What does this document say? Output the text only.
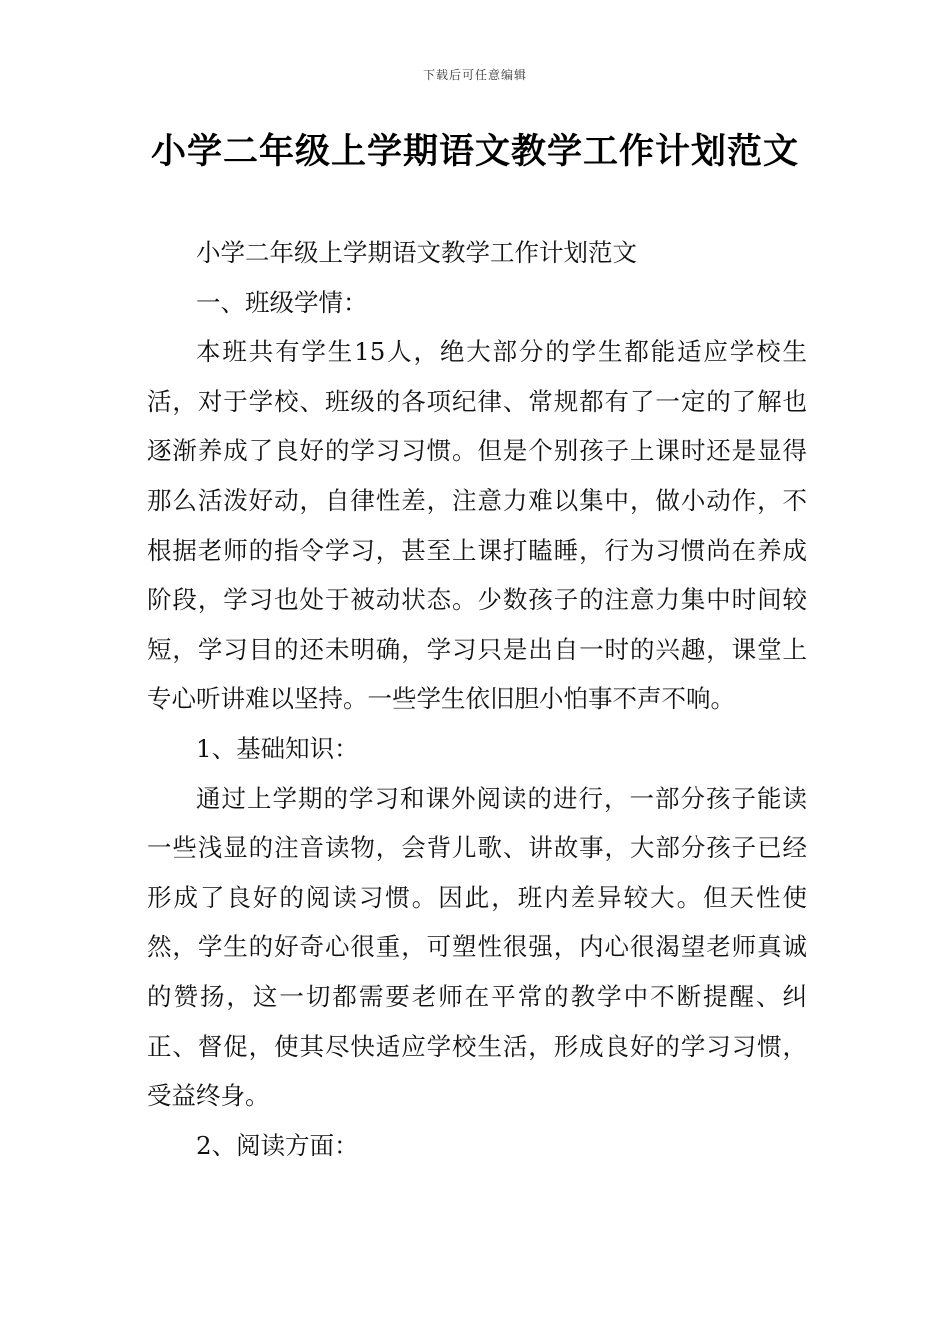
下载后可任意编辑
小学二年级上学期语文教学工作计划范文

小学二年级上学期语文教学工作计划范文

一、班级学情：

本班共有学生15人，绝大部分的学生都能适应学校生活，对于学校、班级的各项纪律、常规都有了一定的了解也逐渐养成了良好的学习习惯。但是个别孩子上课时还是显得那么活泼好动，自律性差，注意力难以集中，做小动作，不根据老师的指令学习，甚至上课打瞌睡，行为习惯尚在养成阶段，学习也处于被动状态。少数孩子的注意力集中时间较短，学习目的还未明确，学习只是出自一时的兴趣，课堂上专心听讲难以坚持。一些学生依旧胆小怕事不声不响。

1、基础知识：

通过上学期的学习和课外阅读的进行，一部分孩子能读一些浅显的注音读物，会背儿歌、讲故事，大部分孩子已经形成了良好的阅读习惯。因此，班内差异较大。但天性使然，学生的好奇心很重，可塑性很强，内心很渴望老师真诚的赞扬，这一切都需要老师在平常的教学中不断提醒、纠正、督促，使其尽快适应学校生活，形成良好的学习习惯，受益终身。

2、阅读方面：
